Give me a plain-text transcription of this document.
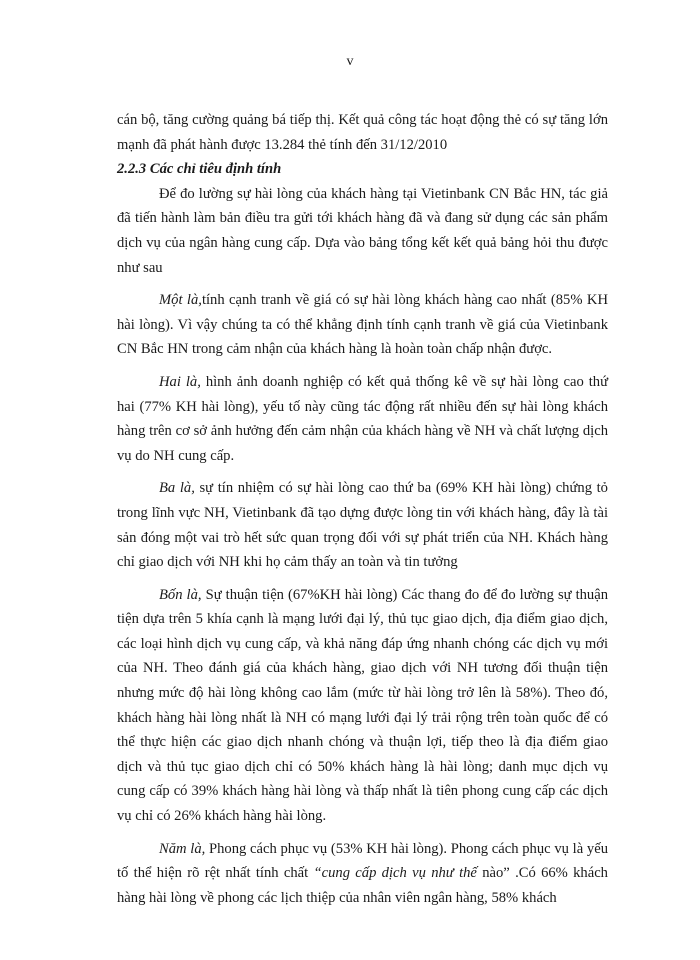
v

cán bộ, tăng cường quảng bá tiếp thị. Kết quả công tác hoạt động thẻ có sự tăng lớn mạnh đã phát hành được 13.284 thẻ tính đến 31/12/2010

2.2.3 Các chỉ tiêu định tính

Để đo lường sự hài lòng của khách hàng tại Vietinbank CN Bắc HN, tác giả đã tiến hành làm bản điều tra gửi tới khách hàng đã và đang sử dụng các sản phẩm dịch vụ của ngân hàng cung cấp. Dựa vào bảng tổng kết kết quả bảng hỏi thu được như sau

Một là,tính cạnh tranh về giá có sự hài lòng khách hàng cao nhất (85% KH hài lòng). Vì vậy chúng ta có thể khẳng định tính cạnh tranh về giá của Vietinbank CN Bắc HN trong cảm nhận của khách hàng là hoàn toàn chấp nhận được.

Hai là, hình ảnh doanh nghiệp có kết quả thống kê về sự hài lòng cao thứ hai (77% KH hài lòng), yếu tố này cũng tác động rất nhiều đến sự hài lòng khách hàng trên cơ sở ảnh hưởng đến cảm nhận của khách hàng về NH và chất lượng dịch vụ do NH cung cấp.

Ba là, sự tín nhiệm có sự hài lòng cao thứ ba (69% KH hài lòng) chứng tỏ trong lĩnh vực NH, Vietinbank đã tạo dựng được lòng tin với khách hàng, đây là tài sản đóng một vai trò hết sức quan trọng đối với sự phát triển của NH. Khách hàng chỉ giao dịch với NH khi họ cảm thấy an toàn và tin tưởng

Bốn là, Sự thuận tiện (67%KH hài lòng) Các thang đo để đo lường sự thuận tiện dựa trên 5 khía cạnh là mạng lưới đại lý, thủ tục giao dịch, địa điểm giao dịch, các loại hình dịch vụ cung cấp, và khả năng đáp ứng nhanh chóng các dịch vụ mới của NH. Theo đánh giá của khách hàng, giao dịch với NH tương đối thuận tiện nhưng mức độ hài lòng không cao lắm (mức từ hài lòng trở lên là 58%). Theo đó, khách hàng hài lòng nhất là NH có mạng lưới đại lý trải rộng trên toàn quốc để có thể thực hiện các giao dịch nhanh chóng và thuận lợi, tiếp theo là địa điểm giao dịch và thủ tục giao dịch chỉ có 50% khách hàng là hài lòng; danh mục dịch vụ cung cấp có 39% khách hàng hài lòng và thấp nhất là tiên phong cung cấp các dịch vụ chỉ có 26% khách hàng hài lòng.

Năm là, Phong cách phục vụ (53% KH hài lòng). Phong cách phục vụ là yếu tố thể hiện rõ rệt nhất tính chất “cung cấp dịch vụ như thế nào” .Có 66% khách hàng hài lòng về phong các lịch thiệp của nhân viên ngân hàng, 58% khách
